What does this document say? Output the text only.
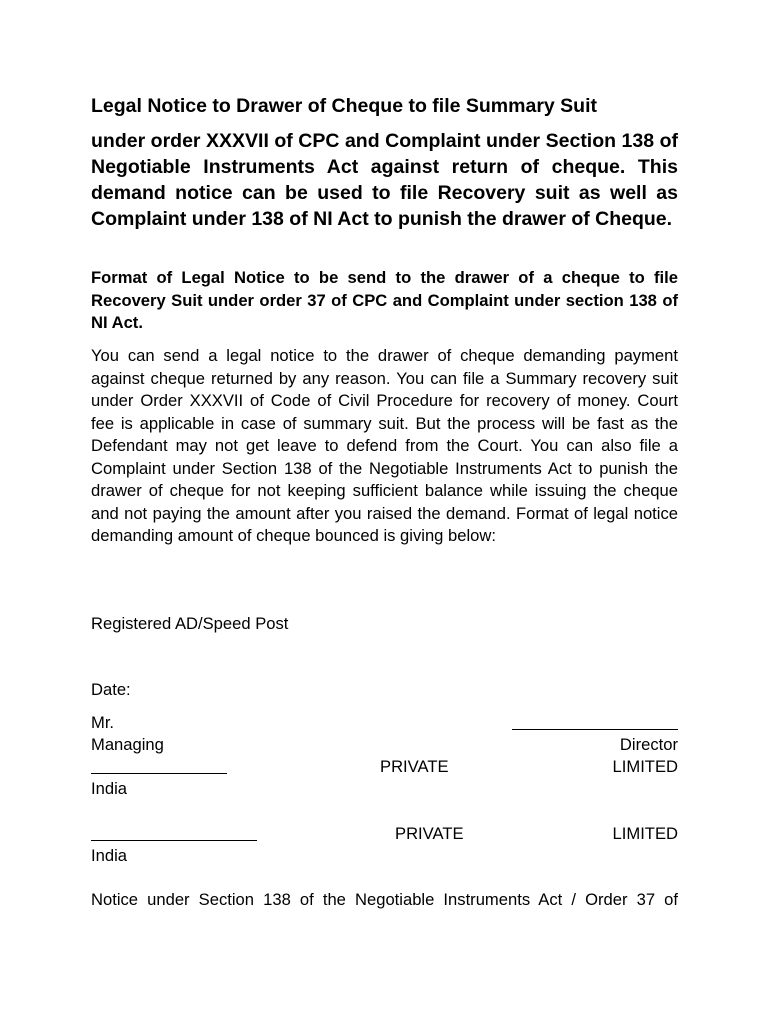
Legal Notice to Drawer of Cheque to file Summary Suit
under order XXXVII of CPC and Complaint under Section 138 of Negotiable Instruments Act against return of cheque. This demand notice can be used to file Recovery suit as well as Complaint under 138 of NI Act to punish the drawer of Cheque.
Format of Legal Notice to be send to the drawer of a cheque to file Recovery Suit under order 37 of CPC and Complaint under section 138 of NI Act.
You can send a legal notice to the drawer of cheque demanding payment against cheque returned by any reason. You can file a Summary recovery suit under Order XXXVII of Code of Civil Procedure for recovery of money. Court fee is applicable in case of summary suit. But the process will be fast as the Defendant may not get leave to defend from the Court. You can also file a Complaint under Section 138 of the Negotiable Instruments Act to punish the drawer of cheque for not keeping sufficient balance while issuing the cheque and not paying the amount after you raised the demand. Format of legal notice demanding amount of cheque bounced is giving below:
Registered AD/Speed Post
Date:
Mr.
Managing	Director
PRIVATE	LIMITED
India
PRIVATE	LIMITED
India
Notice under Section 138 of the Negotiable Instruments Act / Order 37 of
